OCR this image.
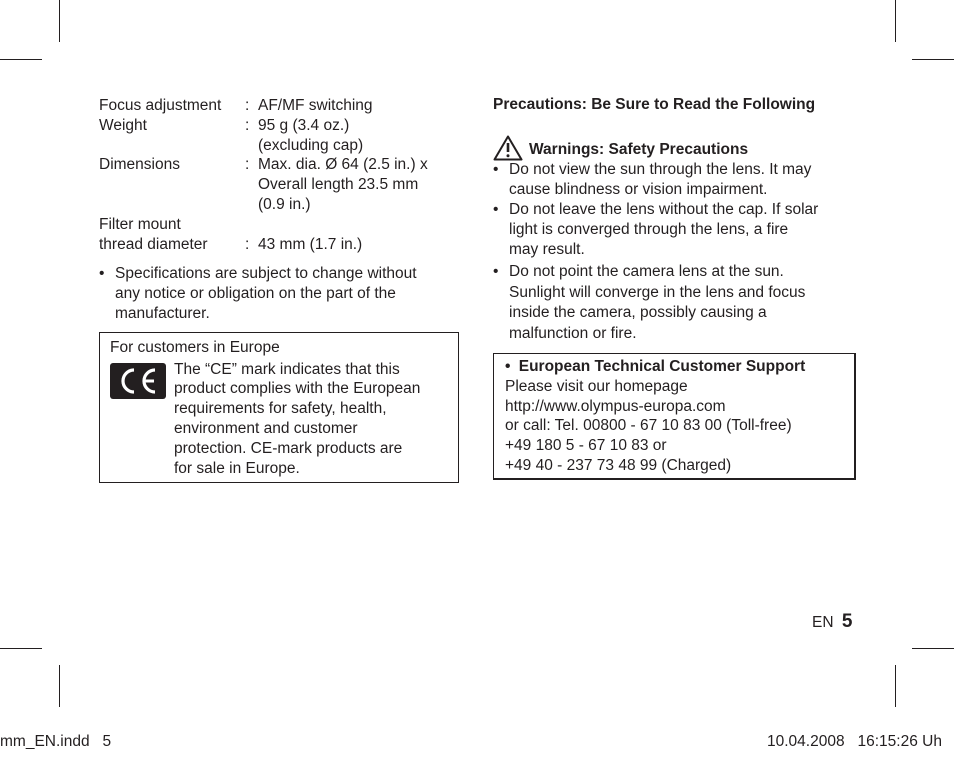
Focus adjustment : AF/MF switching
Weight	: 95 g (3.4 oz.)
(excluding cap)
Dimensions	: Max. dia. Ø 64 (2.5 in.) x
Overall length 23.5 mm
(0.9 in.)
Filter mount
thread diameter : 43 mm (1.7 in.)
• Specifications are subject to change without
any notice or obligation on the part of the
manufacturer.
For customers in Europe
The “CE” mark indicates that this
product complies with the European
requirements for safety, health,
environment and customer
protection. CE-mark products are
for sale in Europe.
Precautions: Be Sure to Read the Following
Warnings: Safety Precautions
• Do not view the sun through the lens. It may
cause blindness or vision impairment.
• Do not leave the lens without the cap. If solar
light is converged through the lens, a fire
may result.
• Do not point the camera lens at the sun.
Sunlight will converge in the lens and focus
inside the camera, possibly causing a
malfunction or fire.
• European Technical Customer Support
Please visit our homepage
http://www.olympus-europa.com
or call: Tel. 00800 - 67 10 83 00 (Toll-free)
+49 180 5 - 67 10 83 or
+49 40 - 237 73 48 99 (Charged)
EN 5
mm_EN.indd   5	10.04.2008   16:15:26 Uh
